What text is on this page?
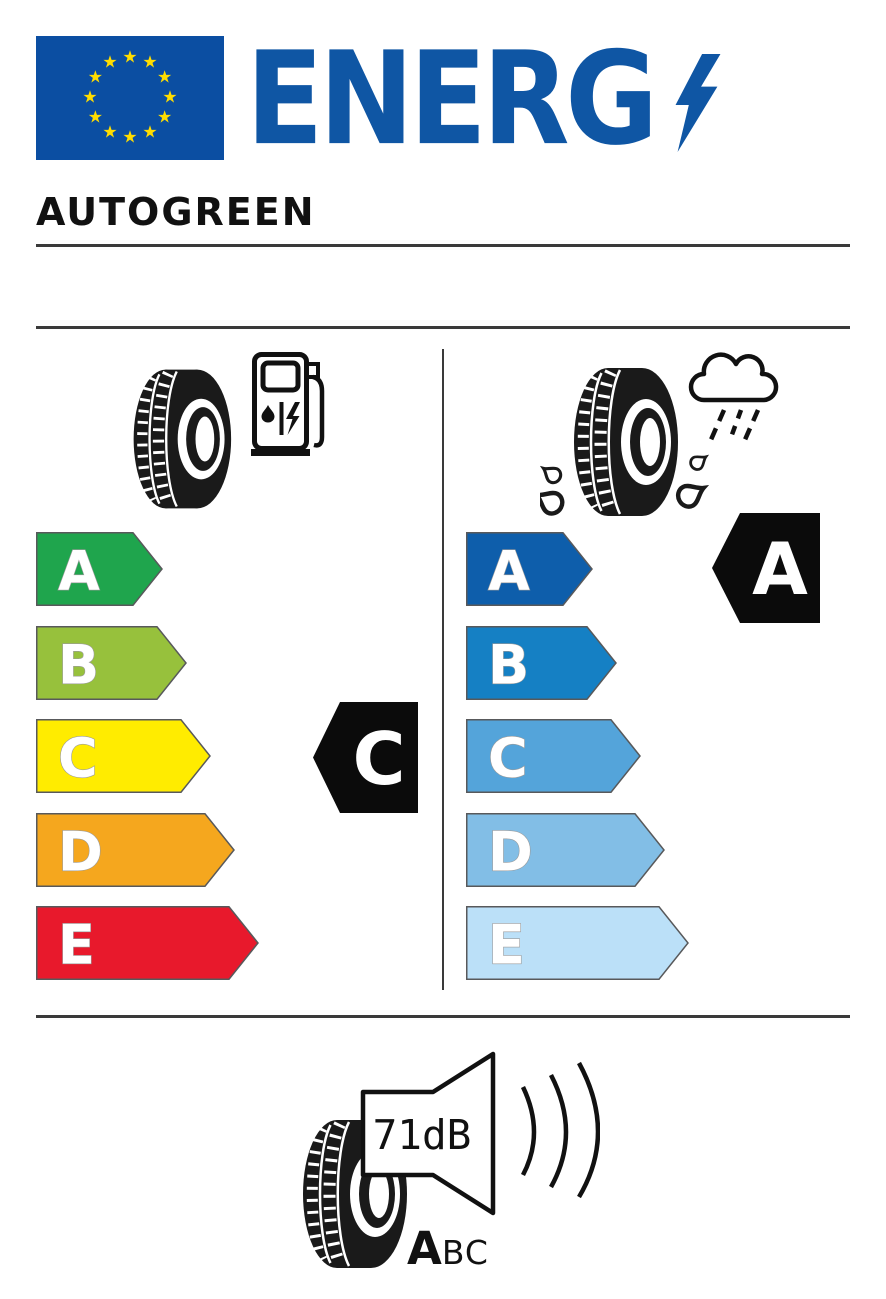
★ ★
★
★
★
★
★
★
★
★
★
★ ENERG
AUTOGREEN
A
B
C
D
E
A
B
C
D
E
C
A
71dB
A BC
